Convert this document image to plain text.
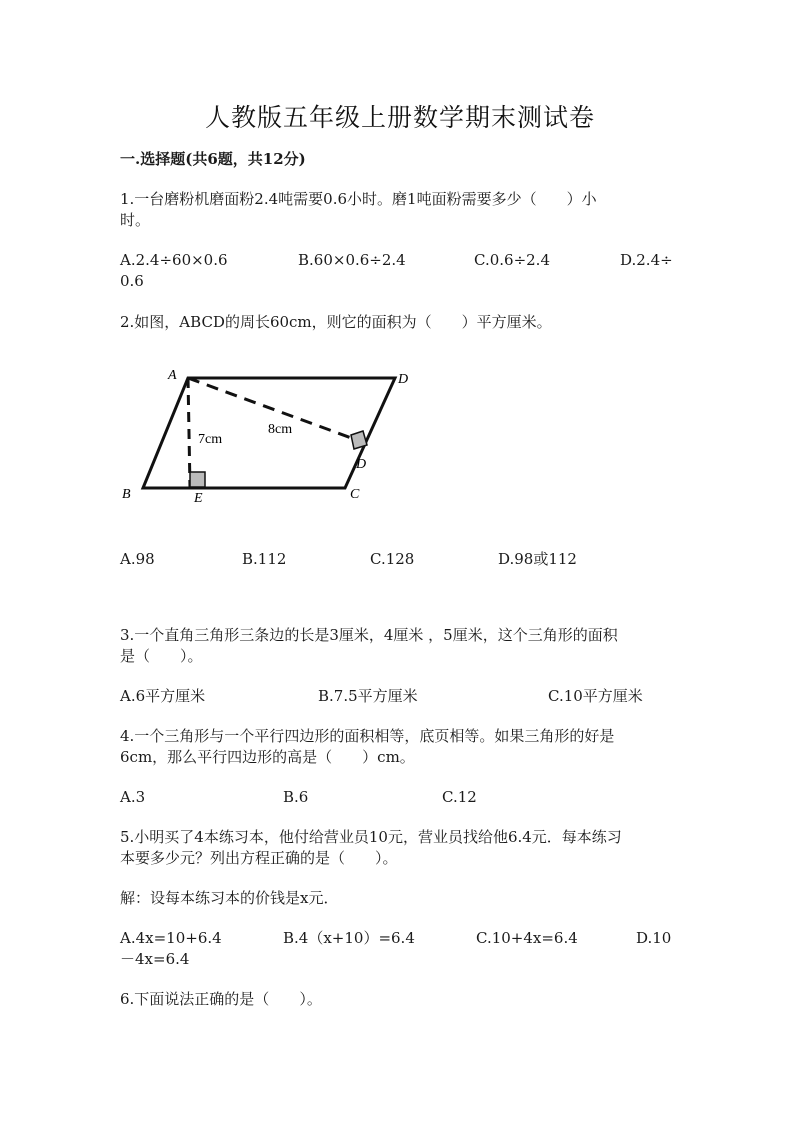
人教版五年级上册数学期末测试卷
一.选择题(共6题，共12分)
1.一台磨粉机磨面粉2.4吨需要0.6小时。磨1吨面粉需要多少（　　）小
时。
A.2.4÷60×0.6	B.60×0.6÷2.4	C.0.6÷2.4	D.2.4÷
0.6
2.如图，ABCD的周长60cm，则它的面积为（　　）平方厘米。
A	D
B	C
D
E
7cm
8cm
A.98	B.112	C.128	D.98或112
3.一个直角三角形三条边的长是3厘米，4厘米 ，5厘米，这个三角形的面积
是（　　）。
A.6平方厘米	B.7.5平方厘米	C.10平方厘米
4.一个三角形与一个平行四边形的面积相等，底页相等。如果三角形的好是
6cm，那么平行四边形的高是（　　）cm。
A.3	B.6	C.12
5.小明买了4本练习本，他付给营业员10元，营业员找给他6.4元．每本练习
本要多少元？列出方程正确的是（　　）。
解：设每本练习本的价钱是x元．
A.4x=10+6.4	B.4（x+10）=6.4	C.10+4x=6.4	D.10
－4x=6.4
6.下面说法正确的是（　　）。
